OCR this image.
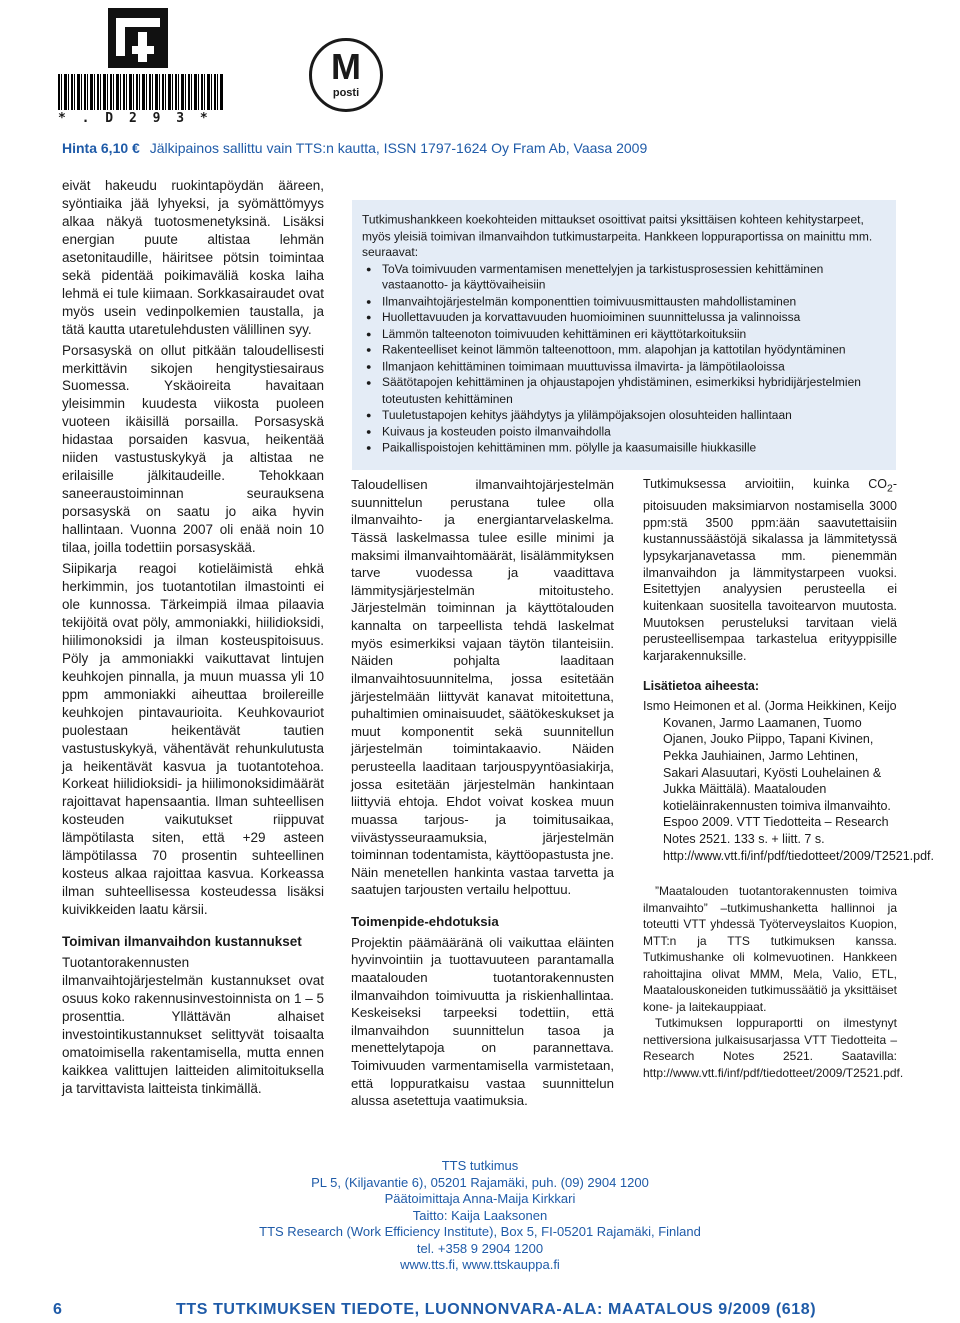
* . D 2 9 3 *
M
posti
Hinta 6,10 € Jälkipainos sallittu vain TTS:n kautta, ISSN 1797-1624 Oy Fram Ab, Vaasa 2009

eivät hakeudu ruokintapöydän ääreen, syöntiaika jää lyhyeksi, ja syömättömyys alkaa näkyä tuotosmenetyksinä. Lisäksi energian puute altistaa lehmän asetonitaudille, häiritsee pötsin toimintaa sekä pidentää poikimaväliä koska laiha lehmä ei tule kiimaan. Sorkkasairaudet ovat myös usein vedinpolkemien taustalla, ja tätä kautta utaretulehdusten välillinen syy.

Porsasyskä on ollut pitkään taloudellisesti merkittävin sikojen hengitystiesairaus Suomessa. Yskäoireita havaitaan yleisimmin kuudesta viikosta puoleen vuoteen ikäisillä porsailla. Porsasyskä hidastaa porsaiden kasvua, heikentää niiden vastustuskykyä ja altistaa ne erilaisille jälkitaudeille. Tehokkaan saneeraustoiminnan seurauksena porsasyskä on saatu jo aika hyvin hallintaan. Vuonna 2007 oli enää noin 10 tilaa, joilla todettiin porsasyskää.

Siipikarja reagoi kotieläimistä ehkä herkimmin, jos tuotantotilan ilmastointi ei ole kunnossa. Tärkeimpiä ilmaa pilaavia tekijöitä ovat pöly, ammoniakki, hiilidioksidi, hiilimonoksidi ja ilman kosteuspitoisuus. Pöly ja ammoniakki vaikuttavat lintujen keuhkojen pinnalla, ja muun muassa yli 10 ppm ammoniakki aiheuttaa broilereille keuhkojen pintavaurioita. Keuhkovauriot puolestaan heikentävät tautien vastustuskykyä, vähentävät rehunkulutusta ja heikentävät kasvua ja tuotantotehoa. Korkeat hiilidioksidi- ja hiilimonoksidimäärät rajoittavat hapensaantia. Ilman suhteellisen kosteuden vaikutukset riippuvat lämpötilasta siten, että +29 asteen lämpötilassa 70 prosentin suhteellinen kosteus alkaa rajoittaa kasvua. Korkeassa ilman suhteellisessa kosteudessa lisäksi kuivikkeiden laatu kärsii.

Toimivan ilmanvaihdon kustannukset

Tuotantorakennusten ilmanvaihtojärjestelmän kustannukset ovat osuus koko rakennusinvestoinnista on 1 – 5 prosenttia. Yllättävän alhaiset investointikustannukset selittyvät toisaalta omatoimisella rakentamisella, mutta ennen kaikkea valittujen laitteiden alimitoituksella ja tarvittavista laitteista tinkimällä.

Tutkimushankkeen koekohteiden mittaukset osoittivat paitsi yksittäisen kohteen kehitystarpeet, myös yleisiä toimivan ilmanvaihdon tutkimustarpeita. Hankkeen loppuraportissa on mainittu mm. seuraavat:

● ToVa toimivuuden varmentamisen menettelyjen ja tarkistusprosessien kehittäminen vastaanotto- ja käyttövaiheisiin
● Ilmanvaihtojärjestelmän komponenttien toimivuusmittausten mahdollistaminen
● Huollettavuuden ja korvattavuuden huomioiminen suunnittelussa ja valinnoissa
● Lämmön talteenoton toimivuuden kehittäminen eri käyttötarkoituksiin
● Rakenteelliset keinot lämmön talteenottoon, mm. alapohjan ja kattotilan hyödyntäminen
● Ilmanjaon kehittäminen toimimaan muuttuvissa ilmavirta- ja lämpötilaoloissa
● Säätötapojen kehittäminen ja ohjaustapojen yhdistäminen, esimerkiksi hybridijärjestelmien toteutusten kehittäminen
● Tuuletustapojen kehitys jäähdytys ja ylilämpöjaksojen olosuhteiden hallintaan
● Kuivaus ja kosteuden poisto ilmanvaihdolla
● Paikallispoistojen kehittäminen mm. pölylle ja kaasumaisille hiukkasille

Taloudellisen ilmanvaihtojärjestelmän suunnittelun perustana tulee olla ilmanvaihto- ja energiantarvelaskelma. Tässä laskelmassa tulee esille minimi ja maksimi ilmanvaihtomäärät, lisälämmityksen tarve vuodessa ja vaadittava lämmitysjärjestelmän mitoitusteho. Järjestelmän toiminnan ja käyttötalouden kannalta on tarpeellista tehdä laskelmat myös esimerkiksi vajaan täytön tilanteisiin. Näiden pohjalta laaditaan ilmanvaihtosuunnitelma, jossa esitetään järjestelmään liittyvät kanavat mitoitettuna, puhaltimien ominaisuudet, säätökeskukset ja muut komponentit sekä suunnitellun järjestelmän toimintakaavio. Näiden perusteella laaditaan tarjouspyyntöasiakirja, jossa esitetään järjestelmän hankintaan liittyviä ehtoja. Ehdot voivat koskea muun muassa tarjous- ja toimitusaikaa, viivästysseuraamuksia, järjestelmän toiminnan todentamista, käyttöopastusta jne. Näin menetellen hankinta vastaa tarvetta ja saatujen tarjousten vertailu helpottuu.

Toimenpide-ehdotuksia

Projektin päämääränä oli vaikuttaa eläinten hyvinvointiin ja tuottavuuteen parantamalla maatalouden tuotantorakennusten ilmanvaihdon toimivuutta ja riskienhallintaa. Keskeiseksi tarpeeksi todettiin, että ilmanvaihdon suunnittelun tasoa ja menettelytapoja on parannettava. Toimivuuden varmentamisella varmistetaan, että loppuratkaisu vastaa suunnittelun alussa asetettuja vaatimuksia.

Tutkimuksessa arvioitiin, kuinka $CO_2$-pitoisuuden maksimiarvon nostamisella 3000 ppm:stä 3500 ppm:ään saavutettaisiin kustannussäästöjä sikalassa ja lämmitetyssä lypsykarjanavetassa mm. pienemmän ilmanvaihdon ja lämmitystarpeen vuoksi. Esitettyjen analyysien perusteella ei kuitenkaan suositella tavoitearvon muutosta. Muutoksen perusteluksi tarvitaan vielä perusteellisempaa tarkastelua erityyppisille karjarakennuksille.

Lisätietoa aiheesta:

Ismo Heimonen et al. (Jorma Heikkinen, Keijo Kovanen, Jarmo Laamanen, Tuomo Ojanen, Jouko Piippo, Tapani Kivinen, Pekka Jauhiainen, Jarmo Lehtinen, Sakari Alasuutari, Kyösti Louhelainen & Jukka Mäittälä). Maatalouden kotieläinrakennusten toimiva ilmanvaihto. Espoo 2009. VTT Tiedotteita – Research Notes 2521. 133 s. + liitt. 7 s. http://www.vtt.fi/inf/pdf/tiedotteet/2009/T2521.pdf.

”Maatalouden tuotantorakennusten toimiva ilmanvaihto” –tutkimushanketta hallinnoi ja toteutti VTT yhdessä Työterveyslaitos Kuopion, MTT:n ja TTS tutkimuksen kanssa. Tutkimushanke oli kolmevuotinen. Hankkeen rahoittajina olivat MMM, Mela, Valio, ETL, Maatalouskoneiden tutkimussäätiö ja yksittäiset kone- ja laitekauppiaat.

Tutkimuksen loppuraportti on ilmestynyt nettiversiona julkaisusarjassa VTT Tiedotteita – Research Notes 2521. Saatavilla: http://www.vtt.fi/inf/pdf/tiedotteet/2009/T2521.pdf.

TTS tutkimus
PL 5, (Kiljavantie 6), 05201 Rajamäki, puh. (09) 2904 1200
Päätoimittaja Anna-Maija Kirkkari
Taitto: Kaija Laaksonen
TTS Research (Work Efficiency Institute), Box 5, FI-05201 Rajamäki, Finland
tel. +358 9 2904 1200
www.tts.fi, www.ttskauppa.fi
6	TTS TUTKIMUKSEN TIEDOTE, LUONNONVARA-ALA: MAATALOUS 9/2009 (618)
